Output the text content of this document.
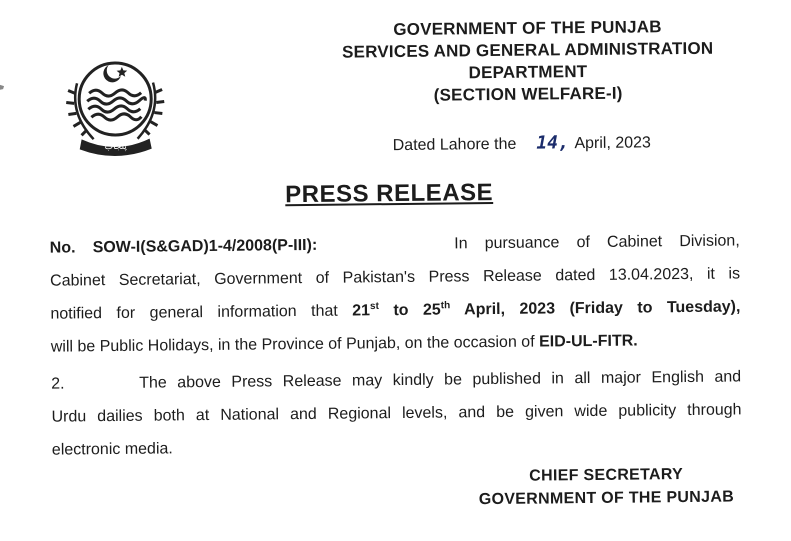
پنجاب
GOVERNMENT OF THE PUNJAB
SERVICES AND GENERAL ADMINISTRATION
DEPARTMENT
(SECTION WELFARE-I)
Dated Lahore the 14, April, 2023
PRESS RELEASE
No. SOW-I(S&GAD)1-4/2008(P-III):	In pursuance of Cabinet Division,
Cabinet Secretariat, Government of Pakistan's Press Release dated 13.04.2023, it is
notified for general information that 21st to 25th April, 2023 (Friday to Tuesday),
will be Public Holidays, in the Province of Punjab, on the occasion of EID-UL-FITR.
2.	The above Press Release may kindly be published in all major English and
Urdu dailies both at National and Regional levels, and be given wide publicity through
electronic media.
CHIEF SECRETARY
GOVERNMENT OF THE PUNJAB
